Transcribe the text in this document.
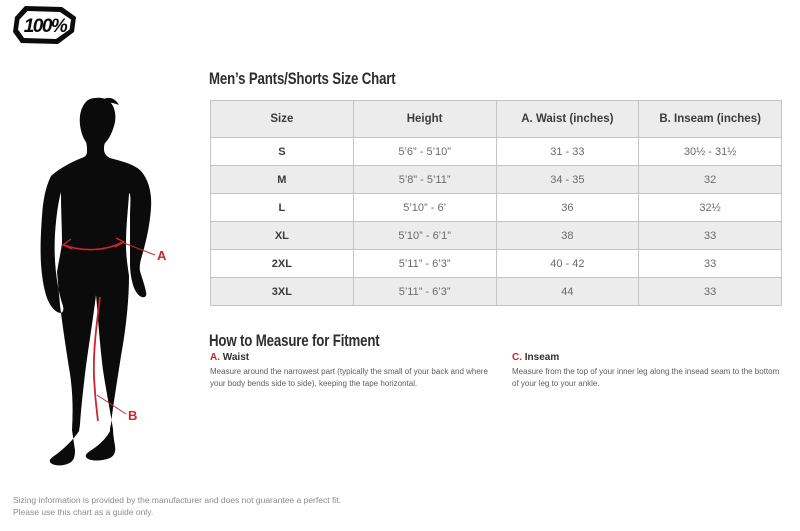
100%
A
B
Men’s Pants/Shorts Size Chart
Size	Height	A. Waist (inches)	B. Inseam (inches)
S	5’6” - 5’10”	31 - 33	30½ - 31½
M	5’8” - 5’11”	34 - 35	32
L	5’10” - 6’	36	32½
XL	5’10” - 6’1”	38	33
2XL	5’11” - 6’3”	40 - 42	33
3XL	5’11” - 6’3”	44	33
How to Measure for Fitment
A. Waist

Measure around the narrowest part (typically the small of your back and where your body bends side to side), keeping the tape horizontal.

C. Inseam

Measure from the top of your inner leg along the insead seam to the bottom of your leg to your ankle.

Sizing information is provided by the manufacturer and does not guarantee a perfect fit.
Please use this chart as a guide only.
